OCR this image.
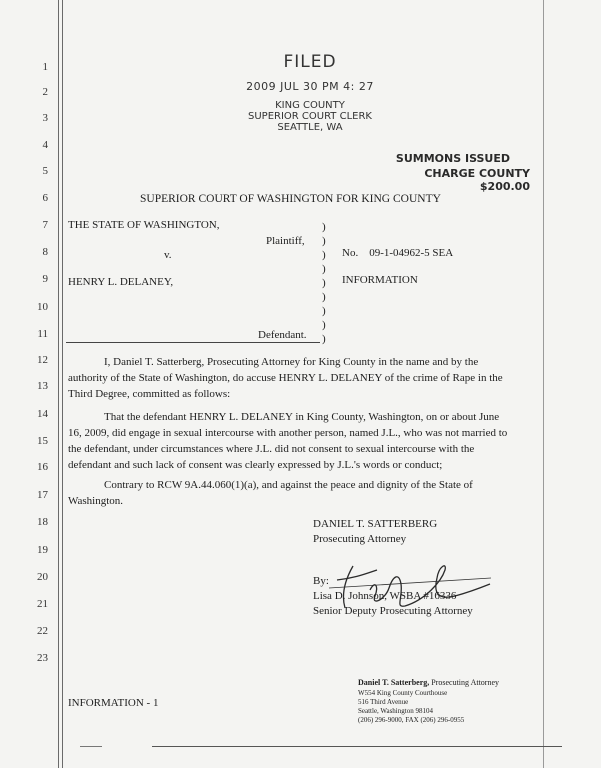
1
2
3
4
5
6
7
8
9
10
11
12
13
14
15
16
17
18
19
20
21
22
23
FILED
2009 JUL 30 PM 4: 27
KING COUNTY
SUPERIOR COURT CLERK
SEATTLE, WA
SUMMONS ISSUED
CHARGE COUNTY $200.00
SUPERIOR COURT OF WASHINGTON FOR KING COUNTY
THE STATE OF WASHINGTON,
Plaintiff,
v.
HENRY L. DELANEY,
Defendant.
No.    09-1-04962-5 SEA
INFORMATION
)
)
)
)
)
)
)
)
)
I, Daniel T. Satterberg, Prosecuting Attorney for King County in the name and by the authority of the State of Washington, do accuse HENRY L. DELANEY of the crime of Rape in the Third Degree, committed as follows:
That the defendant HENRY L. DELANEY in King County, Washington, on or about June 16, 2009, did engage in sexual intercourse with another person, named J.L., who was not married to the defendant, under circumstances where J.L. did not consent to sexual intercourse with the defendant and such lack of consent was clearly expressed by J.L.'s words or conduct;
Contrary to RCW 9A.44.060(1)(a), and against the peace and dignity of the State of Washington.
DANIEL T. SATTERBERG
Prosecuting Attorney
By:
Lisa D. Johnson, WSBA #16336
Senior Deputy Prosecuting Attorney
INFORMATION - 1
Daniel T. Satterberg, Prosecuting Attorney
W554 King County Courthouse
516 Third Avenue
Seattle, Washington 98104
(206) 296-9000, FAX (206) 296-0955
